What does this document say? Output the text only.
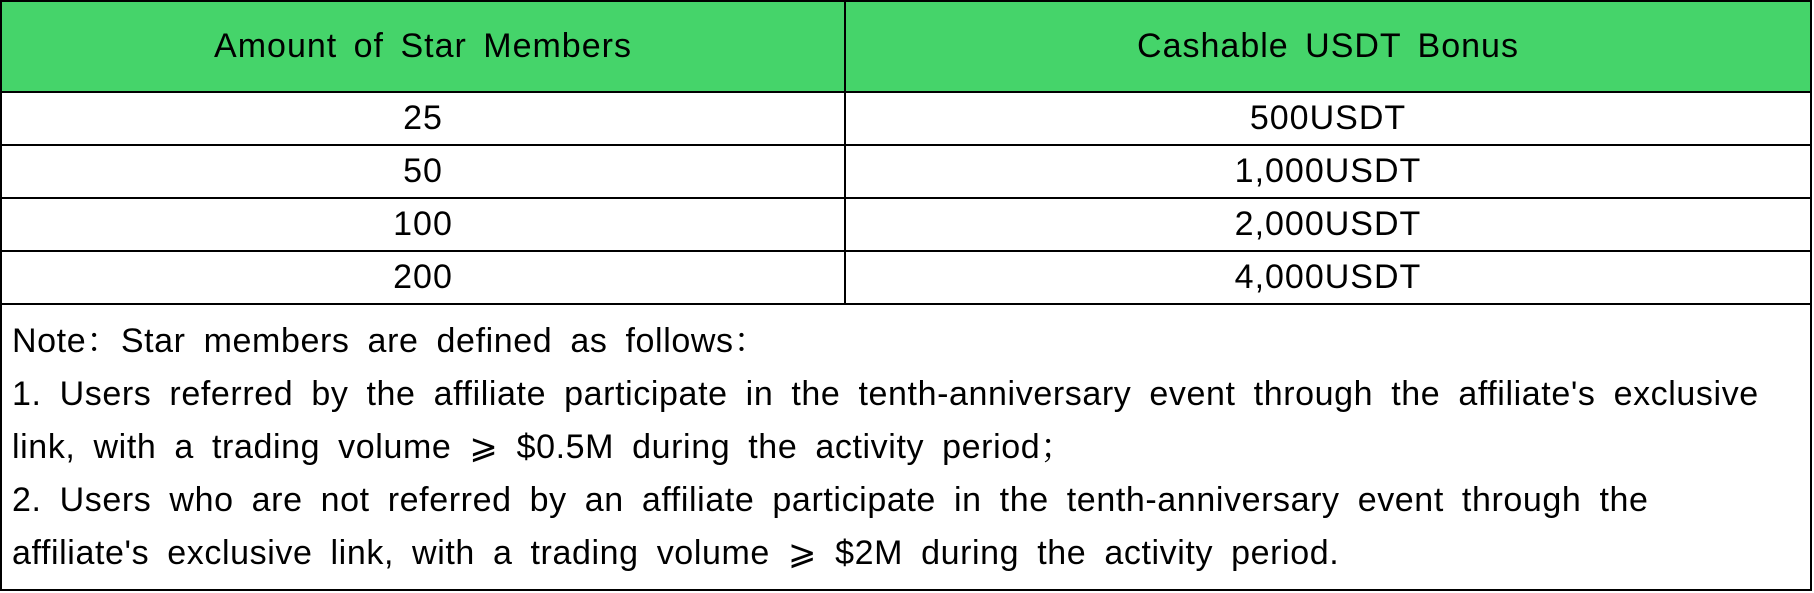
Amount of Star Members	Cashable USDT Bonus
25	500USDT
50	1,000USDT
100	2,000USDT
200	4,000USDT

Note：Star members are defined as follows：

1. Users referred by the affiliate participate in the tenth-anniversary event through the affiliate's exclusive link, with a trading volume ⩾ $0.5M during the activity period；

2. Users who are not referred by an affiliate participate in the tenth-anniversary event through the affiliate's exclusive link, with a trading volume ⩾ $2M during the activity period.
